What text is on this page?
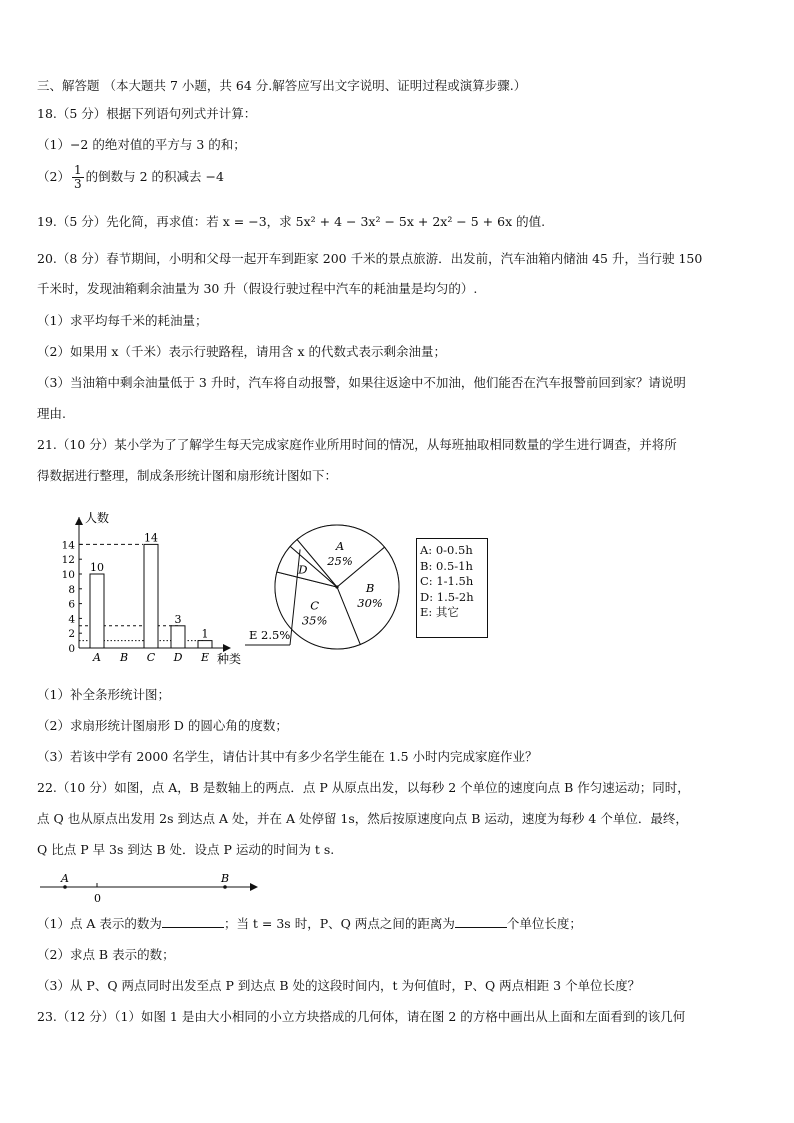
三、解答题 （本大题共 7 小题，共 64 分.解答应写出文字说明、证明过程或演算步骤.）
18.（5 分）根据下列语句列式并计算：
（1）−2 的绝对值的平方与 3 的和；
$(2) \frac{1}{3}$ 的倒数与 2 的积减去 −4
19.（5 分）先化简，再求值：若 x = −3，求 5x² + 4 − 3x² − 5x + 2x² − 5 + 6x 的值.
20.（8 分）春节期间，小明和父母一起开车到距家 200 千米的景点旅游．出发前，汽车油箱内储油 45 升，当行驶 150
千米时，发现油箱剩余油量为 30 升（假设行驶过程中汽车的耗油量是均匀的）.
（1）求平均每千米的耗油量；
（2）如果用 x（千米）表示行驶路程，请用含 x 的代数式表示剩余油量；
（3）当油箱中剩余油量低于 3 升时，汽车将自动报警，如果往返途中不加油，他们能否在汽车报警前回到家？请说明
理由.
21.（10 分）某小学为了了解学生每天完成家庭作业所用时间的情况，从每班抽取相同数量的学生进行调查，并将所
得数据进行整理，制成条形统计图和扇形统计图如下：
人数
种类
0
2
4
6
8
10
12
14
A
10
B C
14
D
3
E
1
B
30%
C
35%
D
E 2.5%
A
25%
A: 0-0.5h
B: 0.5-1h
C: 1-1.5h
D: 1.5-2h
E: 其它
（1）补全条形统计图；
（2）求扇形统计图扇形 D 的圆心角的度数；
（3）若该中学有 2000 名学生，请估计其中有多少名学生能在 1.5 小时内完成家庭作业？
22.（10 分）如图，点 A，B 是数轴上的两点．点 P 从原点出发，以每秒 2 个单位的速度向点 B 作匀速运动；同时，
点 Q 也从原点出发用 2s 到达点 A 处，并在 A 处停留 1s，然后按原速度向点 B 运动，速度为每秒 4 个单位．最终，
Q 比点 P 早 3s 到达 B 处．设点 P 运动的时间为 t s.
A
0
B
（1）点 A 表示的数为	；当 t = 3s 时，P、Q 两点之间的距离为	个单位长度；
（2）求点 B 表示的数；
（3）从 P、Q 两点同时出发至点 P 到达点 B 处的这段时间内，t 为何值时，P、Q 两点相距 3 个单位长度？
23.（12 分）（1）如图 1 是由大小相同的小立方块搭成的几何体，请在图 2 的方格中画出从上面和左面看到的该几何
